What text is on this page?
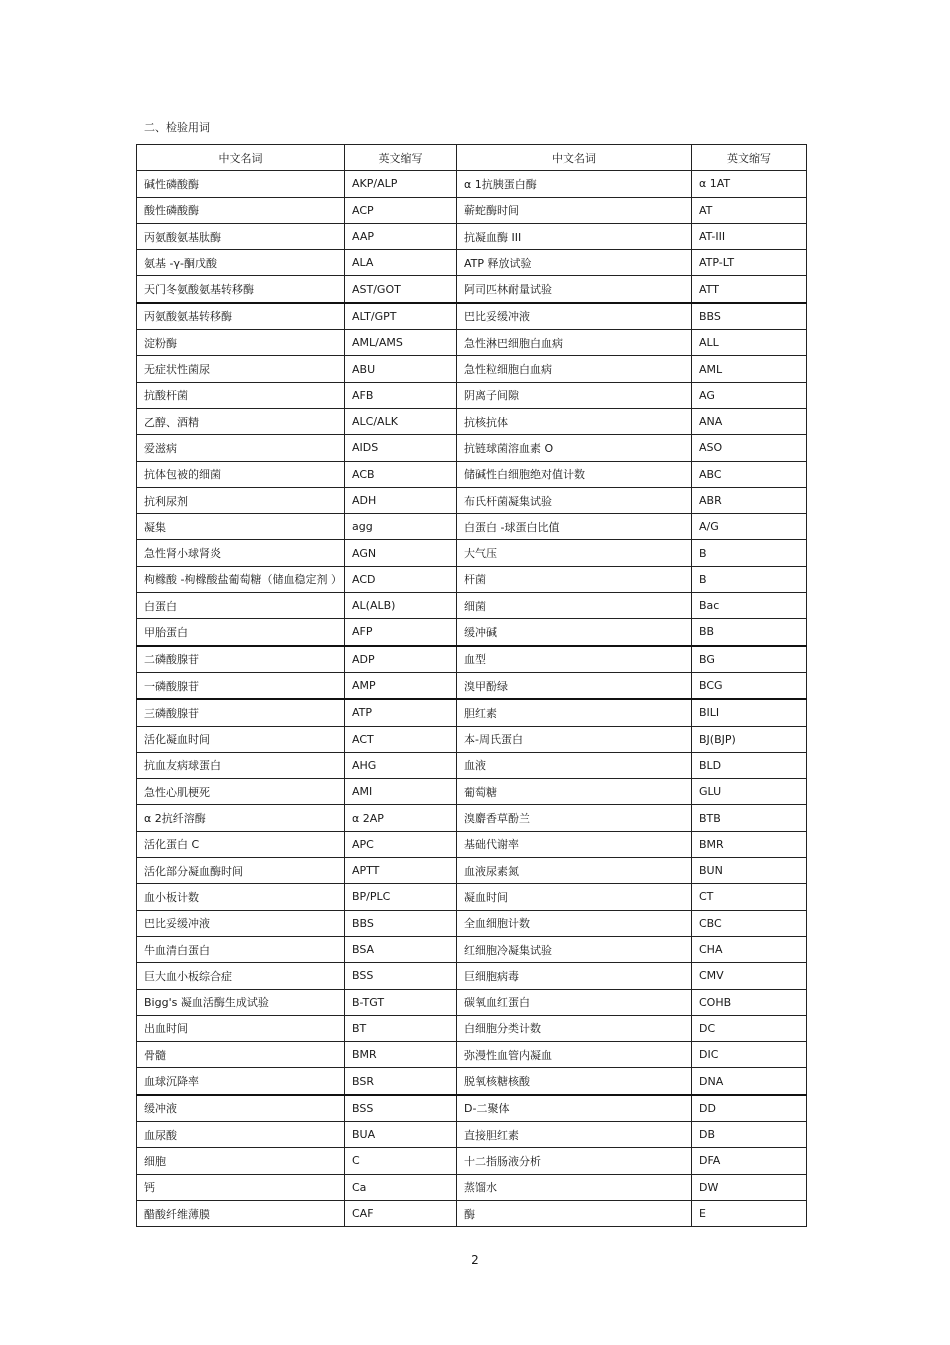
二、检验用词
中文名词	英文缩写	中文名词	英文缩写
碱性磷酸酶	AKP/ALP	α 1抗胰蛋白酶	α 1AT
酸性磷酸酶	ACP	蕲蛇酶时间	AT
丙氨酸氨基肽酶	AAP	抗凝血酶 III	AT-III
氨基 -γ-酮戊酸	ALA	ATP 释放试验	ATP-LT
天门冬氨酸氨基转移酶	AST/GOT	阿司匹林耐量试验	ATT
丙氨酸氨基转移酶	ALT/GPT	巴比妥缓冲液	BBS
淀粉酶	AML/AMS	急性淋巴细胞白血病	ALL
无症状性菌尿	ABU	急性粒细胞白血病	AML
抗酸杆菌	AFB	阴离子间隙	AG
乙醇、酒精	ALC/ALK	抗核抗体	ANA
爱滋病	AIDS	抗链球菌溶血素 O	ASO
抗体包被的细菌	ACB	储碱性白细胞绝对值计数	ABC
抗利尿剂	ADH	布氏杆菌凝集试验	ABR
凝集	agg	白蛋白 -球蛋白比值	A/G
急性肾小球肾炎	AGN	大气压	B
枸橼酸 -枸橼酸盐葡萄糖（储血稳定剂 ）	ACD	杆菌	B
白蛋白	AL(ALB)	细菌	Bac
甲胎蛋白	AFP	缓冲碱	BB
二磷酸腺苷	ADP	血型	BG
一磷酸腺苷	AMP	溴甲酚绿	BCG
三磷酸腺苷	ATP	胆红素	BILI
活化凝血时间	ACT	本-周氏蛋白	BJ(BJP)
抗血友病球蛋白	AHG	血液	BLD
急性心肌梗死	AMI	葡萄糖	GLU
α 2抗纤溶酶	α 2AP	溴麝香草酚兰	BTB
活化蛋白 C	APC	基础代谢率	BMR
活化部分凝血酶时间	APTT	血液尿素氮	BUN
血小板计数	BP/PLC	凝血时间	CT
巴比妥缓冲液	BBS	全血细胞计数	CBC
牛血清白蛋白	BSA	红细胞冷凝集试验	CHA
巨大血小板综合症	BSS	巨细胞病毒	CMV
Bigg's 凝血活酶生成试验	B-TGT	碳氧血红蛋白	COHB
出血时间	BT	白细胞分类计数	DC
骨髓	BMR	弥漫性血管内凝血	DIC
血球沉降率	BSR	脱氧核糖核酸	DNA
缓冲液	BSS	D-二聚体	DD
血尿酸	BUA	直接胆红素	DB
细胞	C	十二指肠液分析	DFA
钙	Ca	蒸馏水	DW
醋酸纤维薄膜	CAF	酶	E
2
